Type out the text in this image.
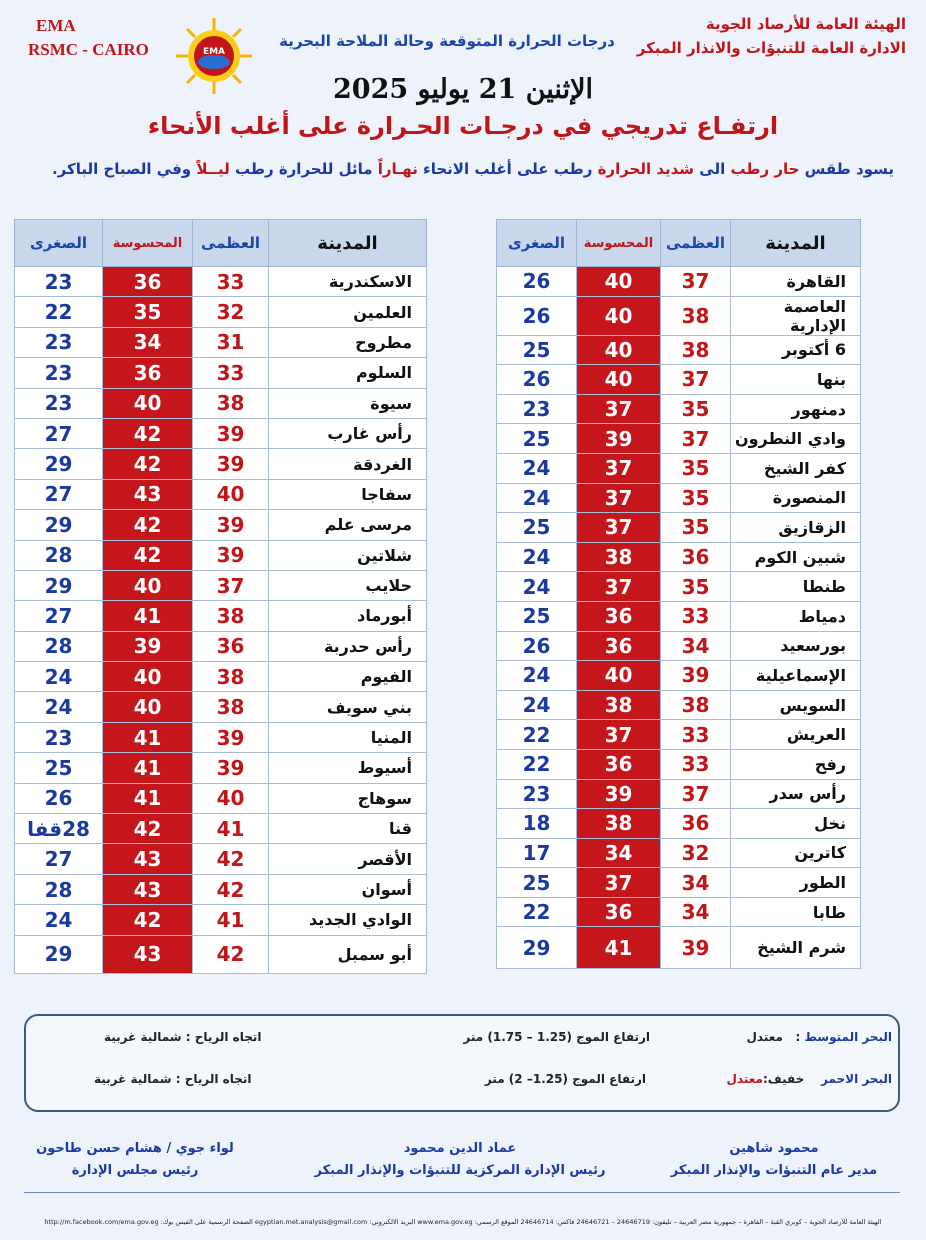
الهيئة العامة للأرصاد الجوية
الادارة العامة للتنبؤات والانذار المبكر
EMA
RSMC - CAIRO	EMA
درجات الحرارة المتوقعة وحالة الملاحة البحرية
الإثنين 21 يوليو 2025
ارتفـاع تدريجي في درجـات الحـرارة على أغلب الأنحاء
يسود طقس حار رطب الى شديد الحرارة رطب على أغلب الانحاء نهـاراً مائل للحرارة رطب ليــلاً وفي الصباح الباكر.
المدينة	العظمى	المحسوسة	الصغرى
القاهرة	37	40	26
العاصمة الإدارية	38	40	26
6 أكتوبر	38	40	25
بنها	37	40	26
دمنهور	35	37	23
وادي النطرون	37	39	25
كفر الشيخ	35	37	24
المنصورة	35	37	24
الزقازيق	35	37	25
شبين الكوم	36	38	24
طنطا	35	37	24
دمياط	33	36	25
بورسعيد	34	36	26
الإسماعيلية	39	40	24
السويس	38	38	24
العريش	33	37	22
رفح	33	36	22
رأس سدر	37	39	23
نخل	36	38	18
كاترين	32	34	17
الطور	34	37	25
طابا	34	36	22
شرم الشيخ	39	41	29
المدينة	العظمى	المحسوسة	الصغرى
الاسكندرية	33	36	23
العلمين	32	35	22
مطروح	31	34	23
السلوم	33	36	23
سيوة	38	40	23
رأس غارب	39	42	27
الغردقة	39	42	29
سفاجا	40	43	27
مرسى علم	39	42	29
شلاتين	39	42	28
حلايب	37	40	29
أبورماد	38	41	27
رأس حدربة	36	39	28
الفيوم	38	40	24
بني سويف	38	40	24
المنيا	39	41	23
أسيوط	39	41	25
سوهاج	40	41	26
قنا	41	42	28قفا
الأقصر	42	43	27
أسوان	42	43	28
الوادي الجديد	41	42	24
أبو سمبل	42	43	29
البحر المتوسط :   معتدل
ارتفاع الموج (1.25 – 1.75) متر
اتجاه الرياح : شمالية غربية
البحر الاحمر    خفيف:معتدل
ارتفاع الموج (1.25– 2) متر
اتجاه الرياح : شمالية غربية
محمود شاهين
مدير عام التنبؤات والإنذار المبكر
عماد الدين محمود
رئيس الإدارة المركزية للتنبؤات والإنذار المبكر
لواء جوي / هشام حسن طاحون
رئيس مجلس الإدارة
الهيئة العامة للأرصاد الجوية – كوبري القبة – القاهرة – جمهورية مصر العربية – تليفون: 24646719 – 24646721 فاكس: 24646714 الموقع الرسمي: www.ema.gov.eg البريد الالكتروني: egyptian.met.analysis@gmail.com الصفحة الرسمية على الفيس بوك: http://m.facebook.com/ema.gov.eg
